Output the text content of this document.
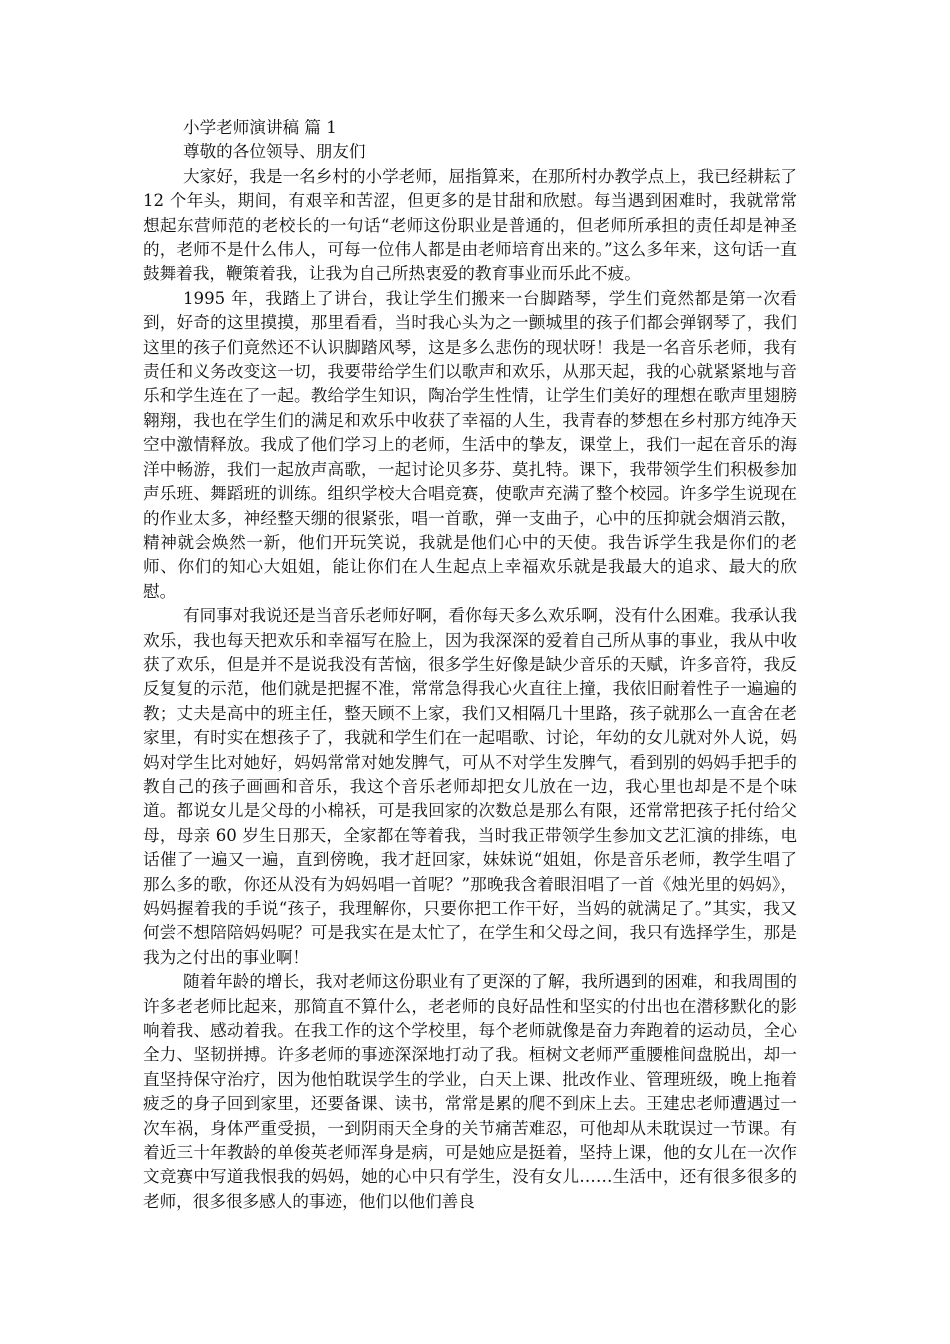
小学老师演讲稿 篇 1

尊敬的各位领导、朋友们

大家好，我是一名乡村的小学老师，屈指算来，在那所村办教学点上，我已经耕耘了 12 个年头，期间，有艰辛和苦涩，但更多的是甘甜和欣慰。每当遇到困难时，我就常常想起东营师范的老校长的一句话“老师这份职业是普通的，但老师所承担的责任却是神圣的，老师不是什么伟人，可每一位伟人都是由老师培育出来的。”这么多年来，这句话一直鼓舞着我，鞭策着我，让我为自己所热衷爱的教育事业而乐此不疲。

1995 年，我踏上了讲台，我让学生们搬来一台脚踏琴，学生们竟然都是第一次看到，好奇的这里摸摸，那里看看，当时我心头为之一颤城里的孩子们都会弹钢琴了，我们这里的孩子们竟然还不认识脚踏风琴，这是多么悲伤的现状呀！我是一名音乐老师，我有责任和义务改变这一切，我要带给学生们以歌声和欢乐，从那天起，我的心就紧紧地与音乐和学生连在了一起。教给学生知识，陶冶学生性情，让学生们美好的理想在歌声里翅膀翱翔，我也在学生们的满足和欢乐中收获了幸福的人生，我青春的梦想在乡村那方纯净天空中激情释放。我成了他们学习上的老师，生活中的挚友，课堂上，我们一起在音乐的海洋中畅游，我们一起放声高歌，一起讨论贝多芬、莫扎特。课下，我带领学生们积极参加声乐班、舞蹈班的训练。组织学校大合唱竞赛，使歌声充满了整个校园。许多学生说现在的作业太多，神经整天绷的很紧张，唱一首歌，弹一支曲子，心中的压抑就会烟消云散，精神就会焕然一新，他们开玩笑说，我就是他们心中的天使。我告诉学生我是你们的老师、你们的知心大姐姐，能让你们在人生起点上幸福欢乐就是我最大的追求、最大的欣慰。

有同事对我说还是当音乐老师好啊，看你每天多么欢乐啊，没有什么困难。我承认我欢乐，我也每天把欢乐和幸福写在脸上，因为我深深的爱着自己所从事的事业，我从中收获了欢乐，但是并不是说我没有苦恼，很多学生好像是缺少音乐的天赋，许多音符，我反反复复的示范，他们就是把握不准，常常急得我心火直往上撞，我依旧耐着性子一遍遍的教；丈夫是高中的班主任，整天顾不上家，我们又相隔几十里路，孩子就那么一直舍在老家里，有时实在想孩子了，我就和学生们在一起唱歌、讨论，年幼的女儿就对外人说，妈妈对学生比对她好，妈妈常常对她发脾气，可从不对学生发脾气，看到别的妈妈手把手的教自己的孩子画画和音乐，我这个音乐老师却把女儿放在一边，我心里也却是不是个味道。都说女儿是父母的小棉袄，可是我回家的次数总是那么有限，还常常把孩子托付给父母，母亲 60 岁生日那天，全家都在等着我，当时我正带领学生参加文艺汇演的排练，电话催了一遍又一遍，直到傍晚，我才赶回家，妹妹说“姐姐，你是音乐老师，教学生唱了那么多的歌，你还从没有为妈妈唱一首呢？”那晚我含着眼泪唱了一首《烛光里的妈妈》，妈妈握着我的手说“孩子，我理解你，只要你把工作干好，当妈的就满足了。”其实，我又何尝不想陪陪妈妈呢？可是我实在是太忙了，在学生和父母之间，我只有选择学生，那是我为之付出的事业啊！

随着年龄的增长，我对老师这份职业有了更深的了解，我所遇到的困难，和我周围的许多老老师比起来，那简直不算什么，老老师的良好品性和坚实的付出也在潜移默化的影响着我、感动着我。在我工作的这个学校里，每个老师就像是奋力奔跑着的运动员，全心全力、坚韧拼搏。许多老师的事迹深深地打动了我。桓树文老师严重腰椎间盘脱出，却一直坚持保守治疗，因为他怕耽误学生的学业，白天上课、批改作业、管理班级，晚上拖着疲乏的身子回到家里，还要备课、读书，常常是累的爬不到床上去。王建忠老师遭遇过一次车祸，身体严重受损，一到阴雨天全身的关节痛苦难忍，可他却从未耽误过一节课。有着近三十年教龄的单俊英老师浑身是病，可是她应是挺着，坚持上课，他的女儿在一次作文竞赛中写道我恨我的妈妈，她的心中只有学生，没有女儿……生活中，还有很多很多的老师，很多很多感人的事迹，他们以他们善良
